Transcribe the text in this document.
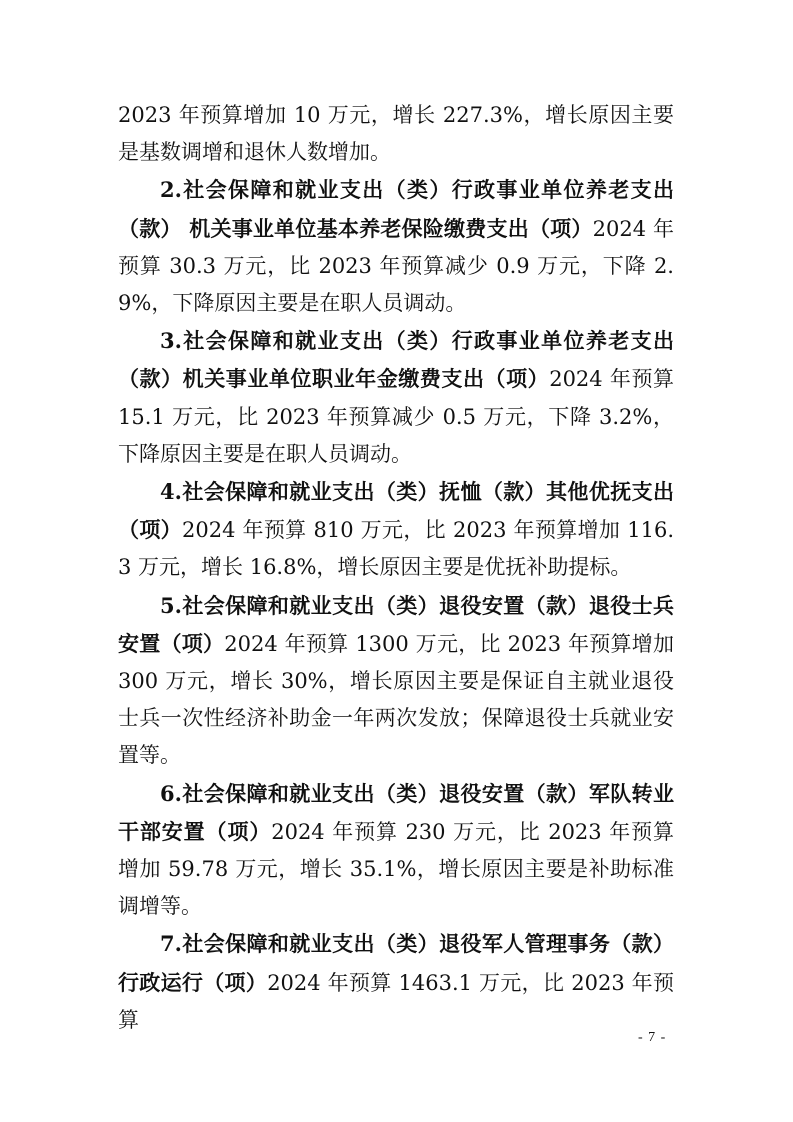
2023 年预算增加 10 万元，增长 227.3%，增长原因主要是基数调增和退休人数增加。

2.社会保障和就业支出（类）行政事业单位养老支出（款） 机关事业单位基本养老保险缴费支出（项）2024 年预算 30.3 万元，比 2023 年预算减少 0.9 万元，下降 2.9%，下降原因主要是在职人员调动。

3.社会保障和就业支出（类）行政事业单位养老支出（款）机关事业单位职业年金缴费支出（项）2024 年预算 15.1 万元，比 2023 年预算减少 0.5 万元，下降 3.2%，下降原因主要是在职人员调动。

4.社会保障和就业支出（类）抚恤（款）其他优抚支出（项）2024 年预算 810 万元，比 2023 年预算增加 116.3 万元，增长 16.8%，增长原因主要是优抚补助提标。

5.社会保障和就业支出（类）退役安置（款）退役士兵安置（项）2024 年预算 1300 万元，比 2023 年预算增加 300 万元，增长 30%，增长原因主要是保证自主就业退役士兵一次性经济补助金一年两次发放；保障退役士兵就业安置等。

6.社会保障和就业支出（类）退役安置（款）军队转业干部安置（项）2024 年预算 230 万元，比 2023 年预算增加 59.78 万元，增长 35.1%，增长原因主要是补助标准调增等。

7.社会保障和就业支出（类）退役军人管理事务（款）行政运行（项）2024 年预算 1463.1 万元，比 2023 年预算

- 7 -
